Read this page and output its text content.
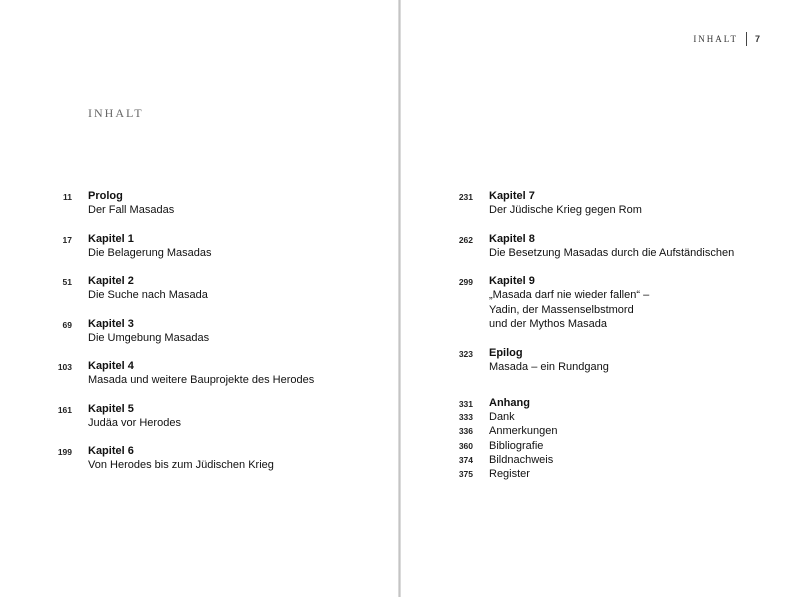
INHALT
11 Prolog
Der Fall Masadas
17 Kapitel 1
Die Belagerung Masadas
51 Kapitel 2
Die Suche nach Masada
69 Kapitel 3
Die Umgebung Masadas
103 Kapitel 4
Masada und weitere Bauprojekte des Herodes
161 Kapitel 5
Judäa vor Herodes
199 Kapitel 6
Von Herodes bis zum Jüdischen Krieg
INHALT 7
231 Kapitel 7
Der Jüdische Krieg gegen Rom
262 Kapitel 8
Die Besetzung Masadas durch die Aufständischen
299 Kapitel 9
„Masada darf nie wieder fallen“ –
Yadin, der Massenselbstmord
und der Mythos Masada
323 Epilog
Masada – ein Rundgang
331 Anhang
333 Dank
336 Anmerkungen
360 Bibliografie
374 Bildnachweis
375 Register
